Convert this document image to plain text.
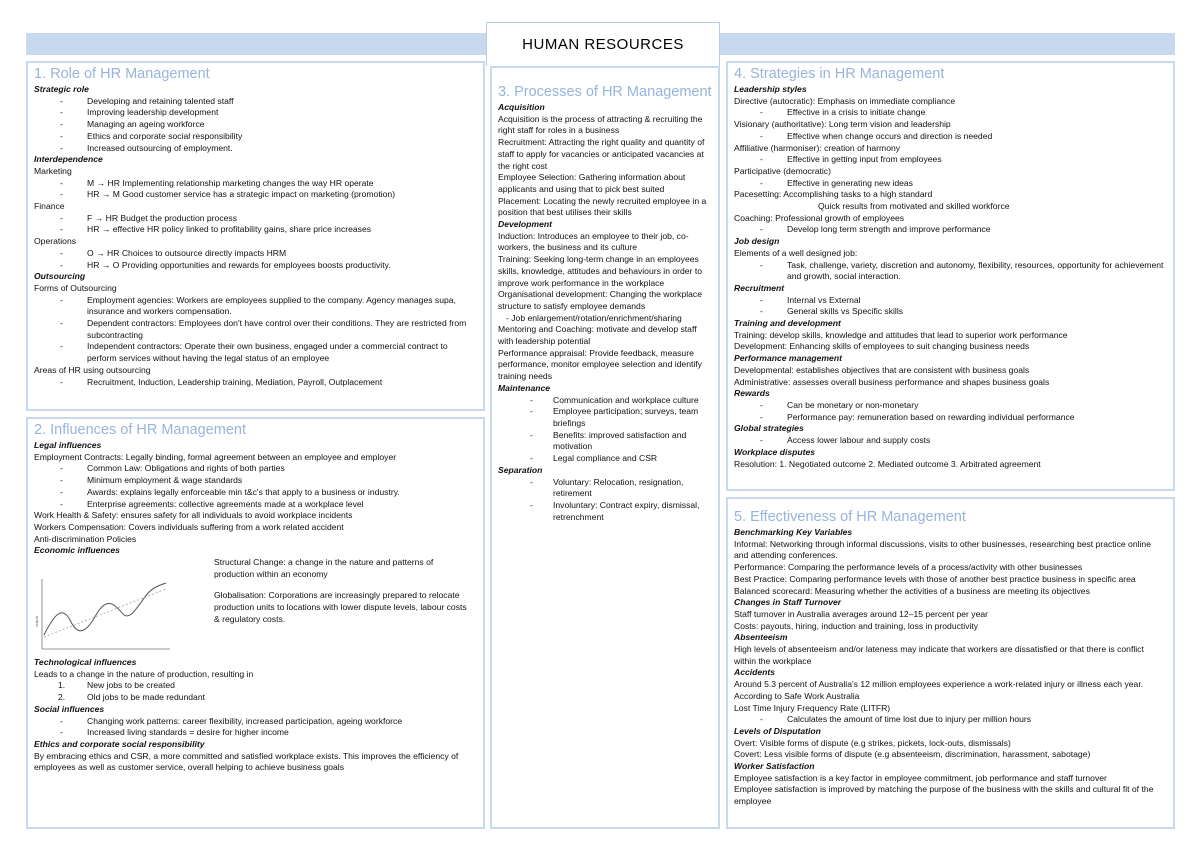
HUMAN RESOURCES
1. Role of HR Management
Strategic role
- Developing and retaining talented staff
- Improving leadership development
- Managing an ageing workforce
- Ethics and corporate social responsibility
- Increased outsourcing of employment.
Interdependence
Marketing
- M → HR Implementing relationship marketing changes the way HR operate
- HR → M Good customer service has a strategic impact on marketing (promotion)
Finance
- F → HR Budget the production process
- HR → effective HR policy linked to profitability gains, share price increases
Operations
- O → HR Choices to outsource directly impacts HRM
- HR → O Providing opportunities and rewards for employees boosts productivity.
Outsourcing
Forms of Outsourcing
- Employment agencies: Workers are employees supplied to the company. Agency manages supa, insurance and workers compensation.
- Dependent contractors: Employees don't have control over their conditions. They are restricted from subcontracting
- Independent contractors: Operate their own business, engaged under a commercial contract to perform services without having the legal status of an employee
Areas of HR using outsourcing
- Recruitment, Induction, Leadership training, Mediation, Payroll, Outplacement
2. Influences of HR Management
Legal influences
Employment Contracts: Legally binding, formal agreement between an employee and employer
- Common Law: Obligations and rights of both parties
- Minimum employment & wage standards
- Awards: explains legally enforceable min t&c's that apply to a business or industry.
- Enterprise agreements: collective agreements made at a workplace level
Work Health & Safety: ensures safety for all individuals to avoid workplace incidents
Workers Compensation: Covers individuals suffering from a work related accident
Anti-discrimination Policies
Economic influences
output
Structural Change: a change in the nature and patterns of production within an economy
Globalisation: Corporations are increasingly prepared to relocate production units to locations with lower dispute levels, labour costs & regulatory costs.
Technological influences
Leads to a change in the nature of production, resulting in
1.	New jobs to be created
2.	Old jobs to be made redundant
Social influences
- Changing work patterns: career flexibility, increased participation, ageing workforce
- Increased living standards = desire for higher income
Ethics and corporate social responsibility
By embracing ethics and CSR, a more committed and satisfied workplace exists. This improves the efficiency of employees as well as customer service, overall helping to achieve business goals
3. Processes of HR Management
Acquisition
Acquisition is the process of attracting & recruiting the right staff for roles in a business
Recruitment: Attracting the right quality and quantity of staff to apply for vacancies or anticipated vacancies at the right cost
Employee Selection: Gathering information about applicants and using that to pick best suited
Placement: Locating the newly recruited employee in a position that best utilises their skills
Development
Induction: Introduces an employee to their job, co-workers, the business and its culture
Training: Seeking long-term change in an employees skills, knowledge, attitudes and behaviours in order to improve work performance in the workplace
Organisational development: Changing the workplace structure to satisfy employee demands
- Job enlargement/rotation/enrichment/sharing
Mentoring and Coaching: motivate and develop staff with leadership potential
Performance appraisal: Provide feedback, measure performance, monitor employee selection and identify training needs
Maintenance
- Communication and workplace culture
- Employee participation; surveys, team briefings
- Benefits: improved satisfaction and motivation
- Legal compliance and CSR
Separation
- Voluntary: Relocation, resignation, retirement
- Involuntary: Contract expiry, dismissal, retrenchment
4. Strategies in HR Management
Leadership styles
Directive (autocratic): Emphasis on immediate compliance
- Effective in a crisis to initiate change
Visionary (authoritative): Long term vision and leadership
- Effective when change occurs and direction is needed
Affiliative (harmoniser): creation of harmony
- Effective in getting input from employees
Participative (democratic)
- Effective in generating new ideas
Pacesetting: Accomplishing tasks to a high standard
Quick results from motivated and skilled workforce
Coaching: Professional growth of employees
- Develop long term strength and improve performance
Job design
Elements of a well designed job:
- Task, challenge, variety, discretion and autonomy, flexibility, resources, opportunity for achievement and growth, social interaction.
Recruitment
- Internal vs External
- General skills vs Specific skills
Training and development
Training: develop skills, knowledge and attitudes that lead to superior work performance
Development: Enhancing skills of employees to suit changing business needs
Performance management
Developmental: establishes objectives that are consistent with business goals
Administrative: assesses overall business performance and shapes business goals
Rewards
- Can be monetary or non-monetary
- Performance pay: remuneration based on rewarding individual performance
Global strategies
- Access lower labour and supply costs
Workplace disputes
Resolution: 1. Negotiated outcome 2. Mediated outcome 3. Arbitrated agreement
5. Effectiveness of HR Management
Benchmarking Key Variables
Informal: Networking through informal discussions, visits to other businesses, researching best practice online and attending conferences.
Performance: Comparing the performance levels of a process/activity with other businesses
Best Practice: Comparing performance levels with those of another best practice business in specific area
Balanced scorecard: Measuring whether the activities of a business are meeting its objectives
Changes in Staff Turnover
Staff turnover in Australia averages around 12–15 percent per year
Costs: payouts, hiring, induction and training, loss in productivity
Absenteeism
High levels of absenteeism and/or lateness may indicate that workers are dissatisfied or that there is conflict within the workplace
Accidents
Around 5.3 percent of Australia's 12 million employees experience a work-related injury or illness each year. According to Safe Work Australia
Lost Time Injury Frequency Rate (LITFR)
- Calculates the amount of time lost due to injury per million hours
Levels of Disputation
Overt: Visible forms of dispute (e.g strikes, pickets, lock-outs, dismissals)
Covert: Less visible forms of dispute (e.g absenteeism, discrimination, harassment, sabotage)
Worker Satisfaction
Employee satisfaction is a key factor in employee commitment, job performance and staff turnover
Employee satisfaction is improved by matching the purpose of the business with the skills and cultural fit of the employee
